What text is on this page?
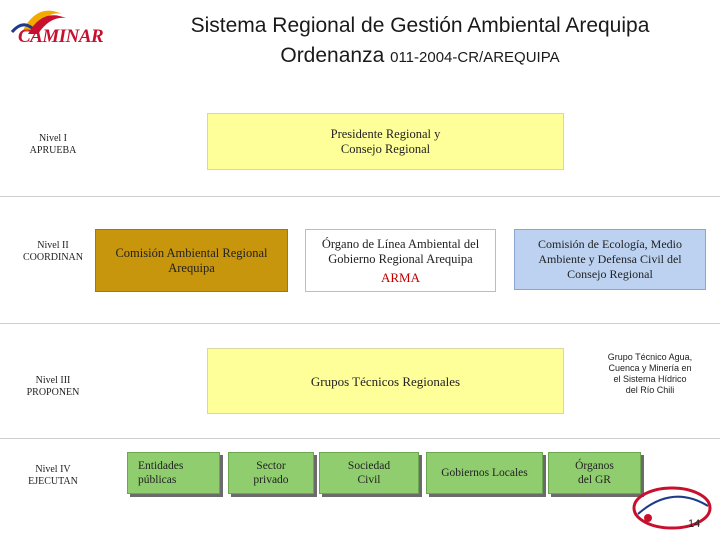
CAMINAR	Sistema Regional de Gestión Ambiental Arequipa
Ordenanza 011-2004-CR/AREQUIPA
Nivel I
APRUEBA
Nivel II
COORDINAN
Nivel III
PROPONEN
Nivel IV
EJECUTAN
Presidente Regional y
Consejo Regional
Comisión Ambiental Regional
Arequipa
Órgano de Línea Ambiental del
Gobierno Regional Arequipa
ARMA
Comisión de Ecología, Medio
Ambiente y Defensa Civil del
Consejo Regional
Grupos Técnicos Regionales
Grupo Técnico Agua,
Cuenca y Minería en
el Sistema Hídrico
del Río Chili
Entidades
públicas
Sector
privado
Sociedad
Civil
Gobiernos Locales
Órganos
del GR
14
